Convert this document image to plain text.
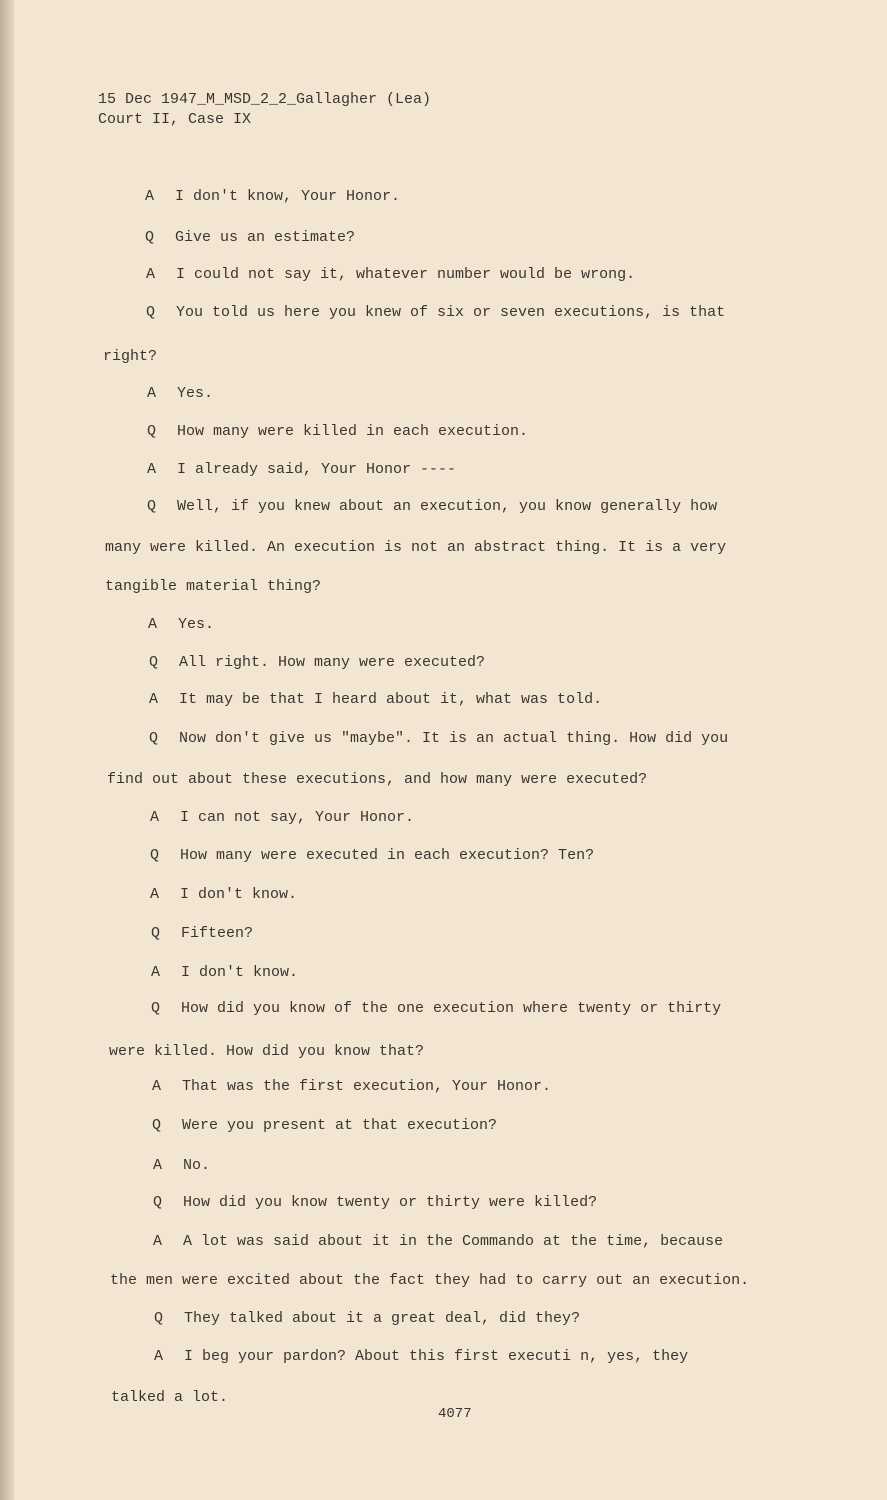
15 Dec 1947_M_MSD_2_2_Gallagher (Lea)
Court II, Case IX
A I don't know, Your Honor.
Q Give us an estimate?
A I could not say it, whatever number would be wrong.
Q You told us here you knew of six or seven executions, is that
right?
A Yes.
Q How many were killed in each execution.
A I already said, Your Honor ----
Q Well, if you knew about an execution, you know generally how
many were killed. An execution is not an abstract thing. It is a very
tangible material thing?
A Yes.
Q All right. How many were executed?
A It may be that I heard about it, what was told.
Q Now don't give us "maybe". It is an actual thing. How did you
find out about these executions, and how many were executed?
A I can not say, Your Honor.
Q How many were executed in each execution? Ten?
A I don't know.
Q Fifteen?
A I don't know.
Q How did you know of the one execution where twenty or thirty
were killed. How did you know that?
A That was the first execution, Your Honor.
Q Were you present at that execution?
A No.
Q How did you know twenty or thirty were killed?
A A lot was said about it in the Commando at the time, because
the men were excited about the fact they had to carry out an execution.
Q They talked about it a great deal, did they?
A I beg your pardon? About this first executi n, yes, they
talked a lot.
4077
